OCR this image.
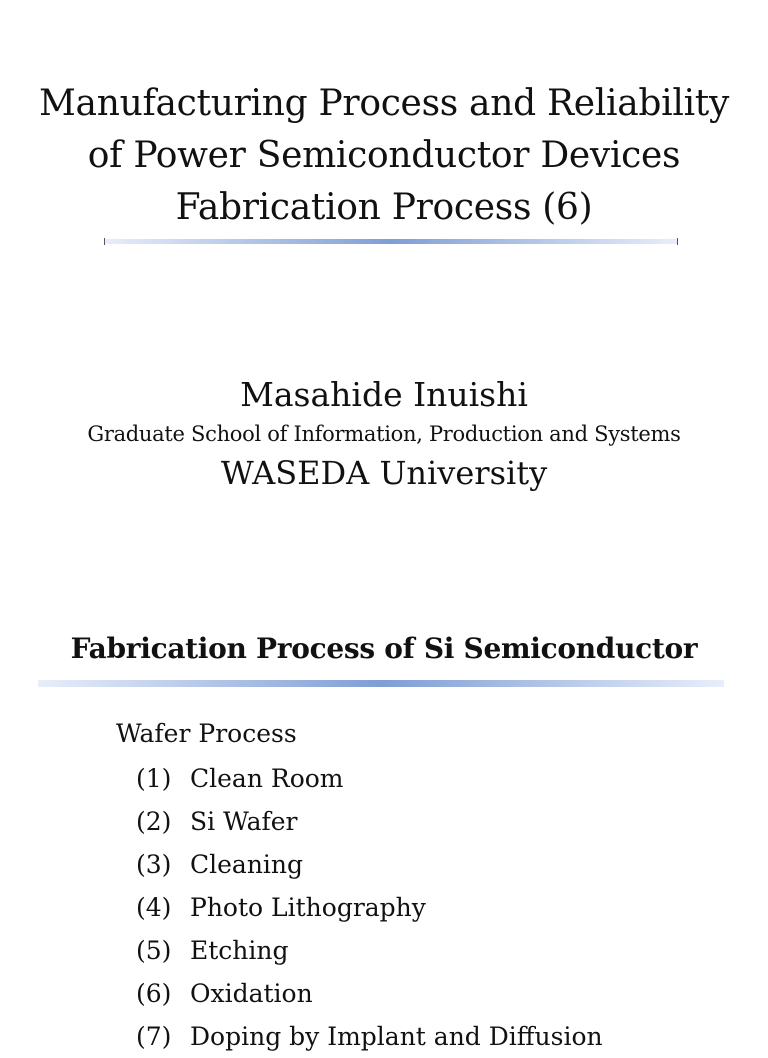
Manufacturing Process and Reliability
of Power Semiconductor Devices
Fabrication Process (6)
Masahide Inuishi
Graduate School of Information, Production and Systems
WASEDA University
Fabrication Process of Si Semiconductor
Wafer Process
(1) Clean Room
(2) Si Wafer
(3) Cleaning
(4) Photo Lithography
(5) Etching
(6) Oxidation
(7) Doping by Implant and Diffusion
